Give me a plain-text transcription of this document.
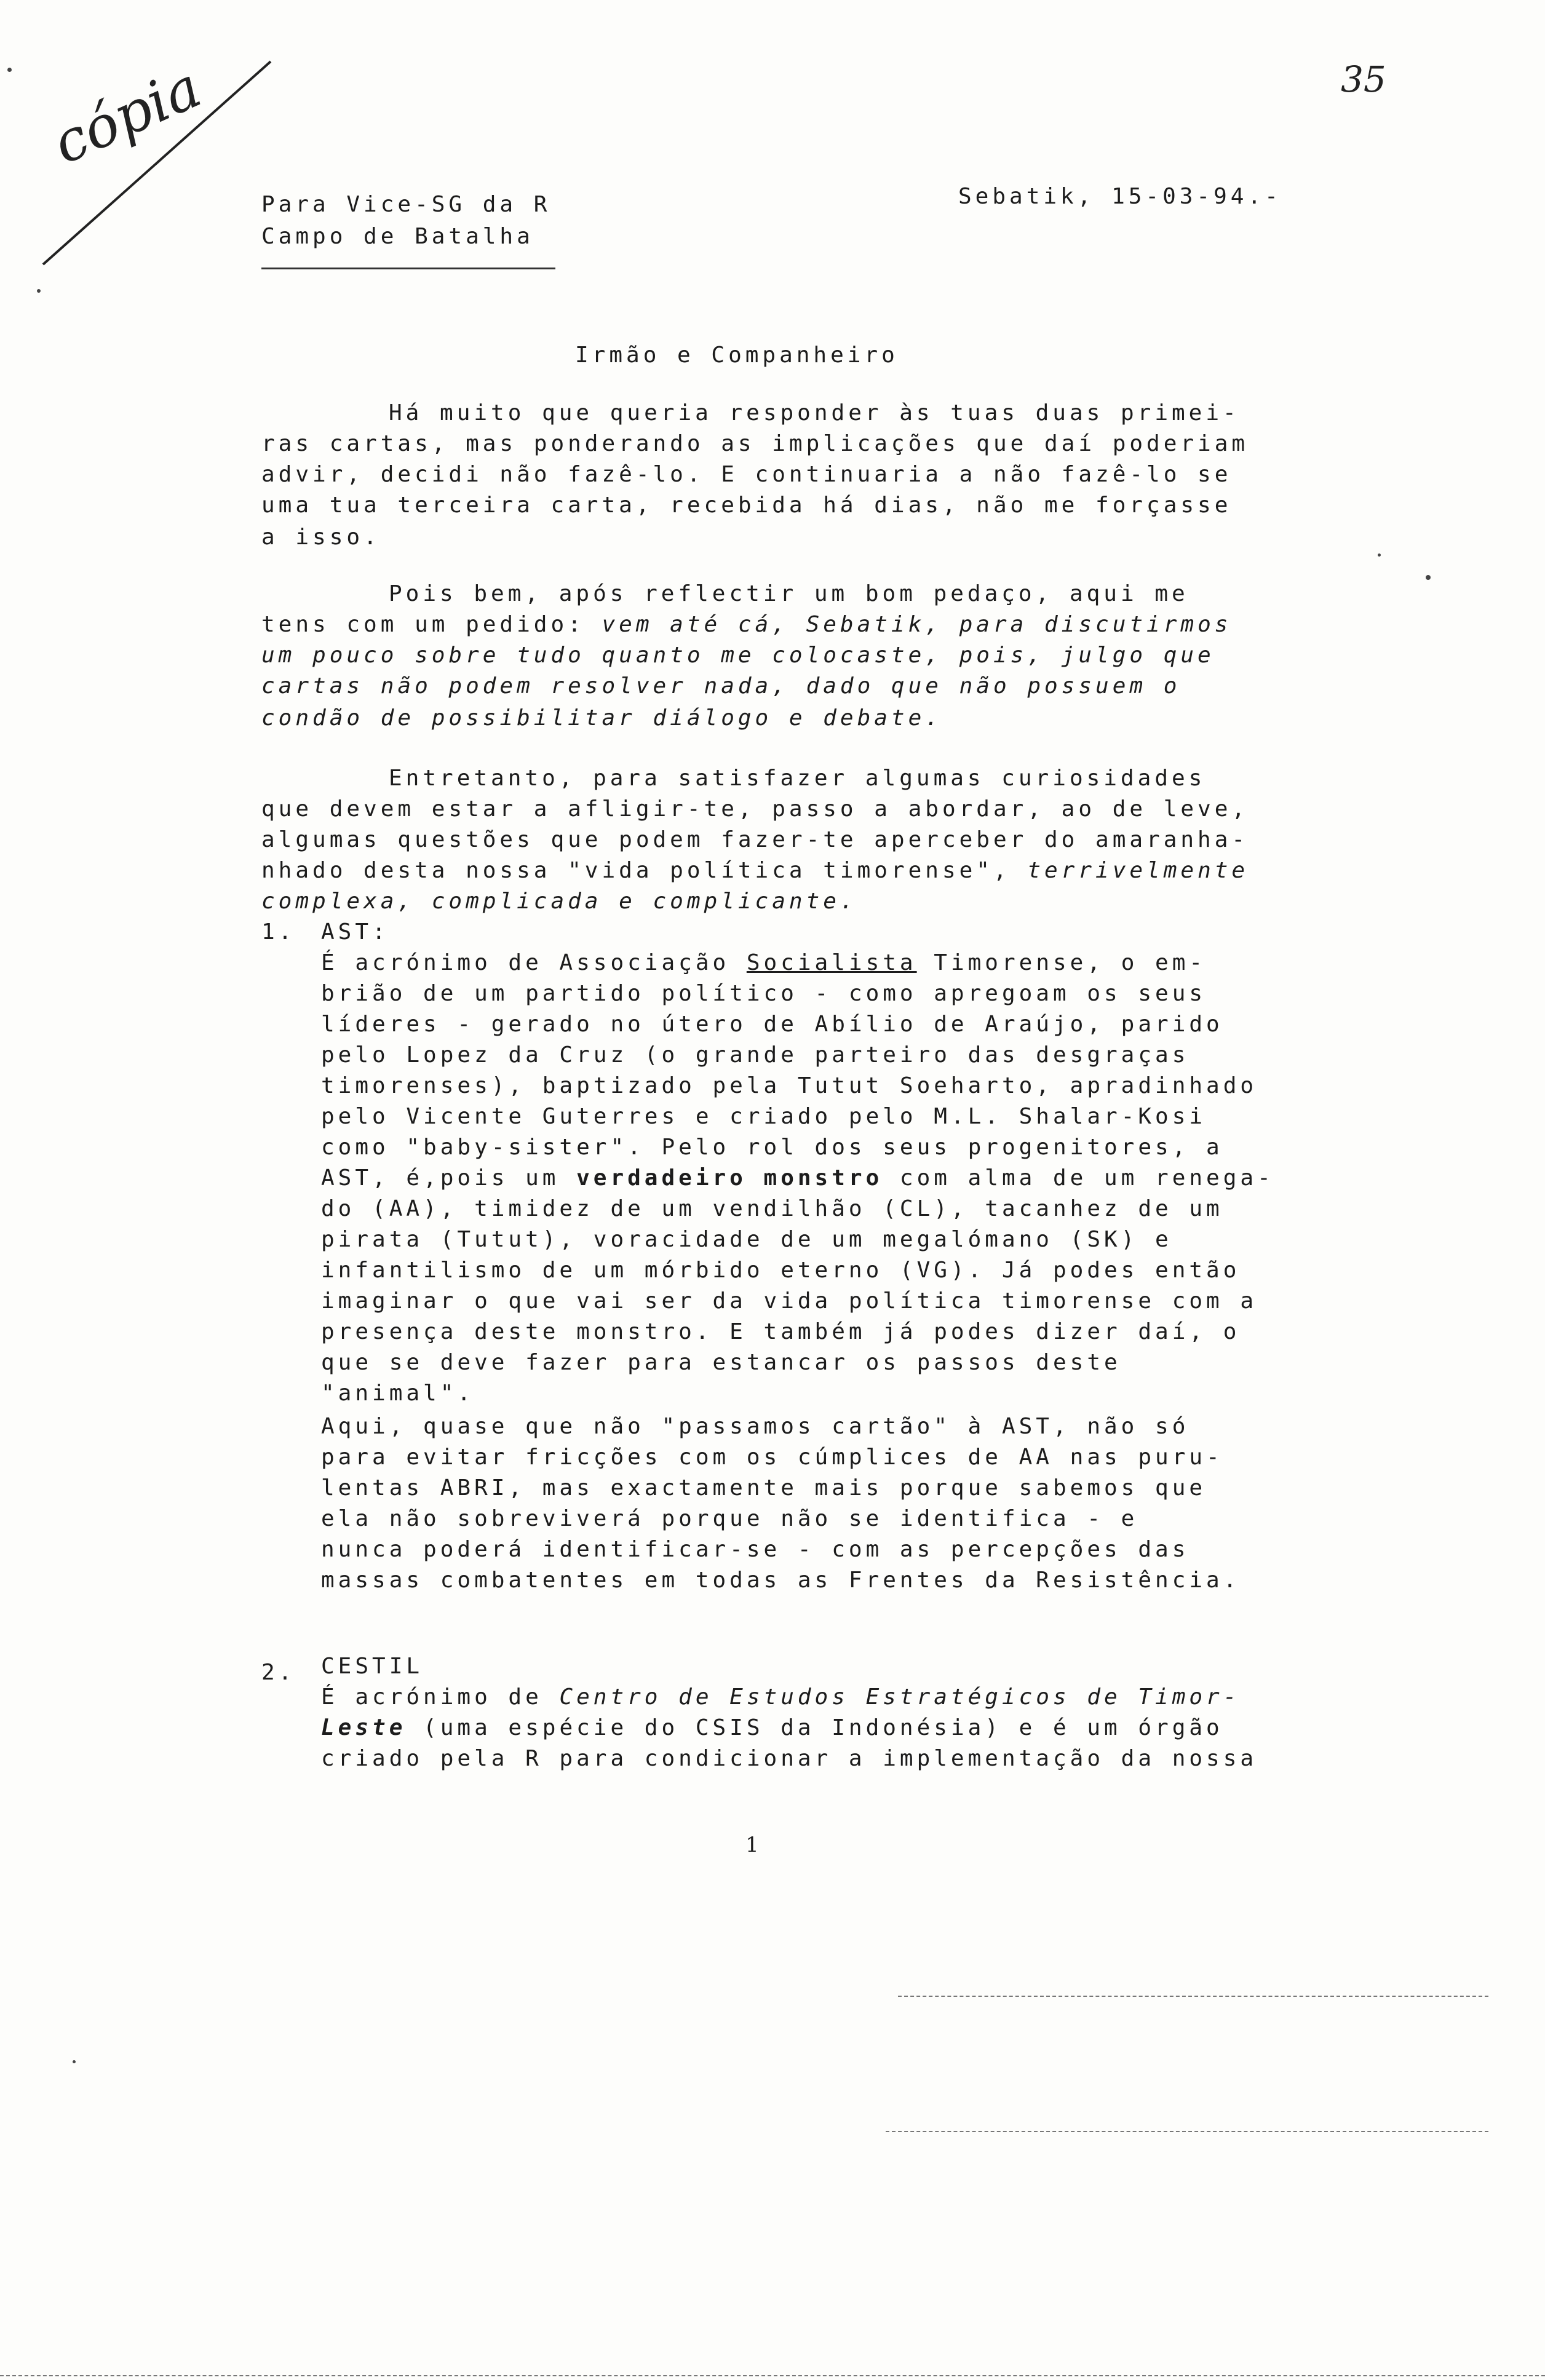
35
cópia
Para Vice-SG da R
Campo de Batalha
Sebatik, 15-03-94.-
Irmão e Companheiro
Há muito que queria responder às tuas duas primei-
ras cartas, mas ponderando as implicações que daí poderiam
advir, decidi não fazê-lo. E continuaria a não fazê-lo se
uma tua terceira carta, recebida há dias, não me forçasse
a isso.
Pois bem, após reflectir um bom pedaço, aqui me
tens com um pedido: vem até cá, Sebatik, para discutirmos
um pouco sobre tudo quanto me colocaste, pois, julgo que
cartas não podem resolver nada, dado que não possuem o
condão de possibilitar diálogo e debate.
Entretanto, para satisfazer algumas curiosidades
que devem estar a afligir-te, passo a abordar, ao de leve,
algumas questões que podem fazer-te aperceber do amaranha-
nhado desta nossa "vida política timorense", terrivelmente
complexa, complicada e complicante.
1. AST:
É acrónimo de Associação Socialista Timorense, o em-
brião de um partido político - como apregoam os seus
líderes - gerado no útero de Abílio de Araújo, parido
pelo Lopez da Cruz (o grande parteiro das desgraças
timorenses), baptizado pela Tutut Soeharto, apradinhado
pelo Vicente Guterres e criado pelo M.L. Shalar-Kosi
como "baby-sister". Pelo rol dos seus progenitores, a
AST, é,pois um verdadeiro monstro com alma de um renega-
do (AA), timidez de um vendilhão (CL), tacanhez de um
pirata (Tutut), voracidade de um megalómano (SK) e
infantilismo de um mórbido eterno (VG). Já podes então
imaginar o que vai ser da vida política timorense com a
presença deste monstro. E também já podes dizer daí, o
que se deve fazer para estancar os passos deste
"animal".
Aqui, quase que não "passamos cartão" à AST, não só
para evitar fricções com os cúmplices de AA nas puru-
lentas ABRI, mas exactamente mais porque sabemos que
ela não sobreviverá porque não se identifica - e
nunca poderá identificar-se - com as percepções das
massas combatentes em todas as Frentes da Resistência.
2. CESTIL
É acrónimo de Centro de Estudos Estratégicos de Timor-
Leste (uma espécie do CSIS da Indonésia) e é um órgão
criado pela R para condicionar a implementação da nossa
1
